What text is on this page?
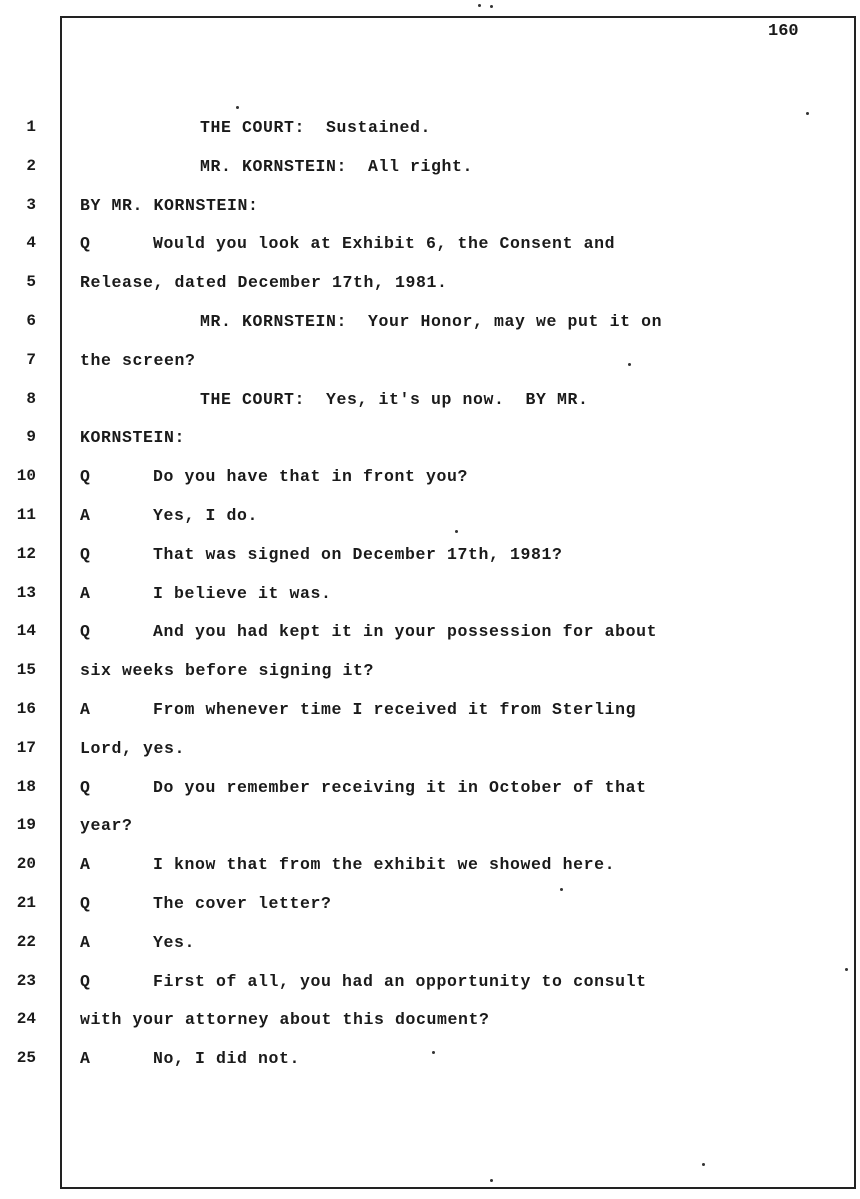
160
1	THE COURT:  Sustained.
2	MR. KORNSTEIN:  All right.
3	BY MR. KORNSTEIN:
4	Q	Would you look at Exhibit 6, the Consent and
5	Release, dated December 17th, 1981.
6	MR. KORNSTEIN:  Your Honor, may we put it on
7	the screen?
8	THE COURT:  Yes, it's up now.  BY MR.
9	KORNSTEIN:
10	Q	Do you have that in front you?
11	A	Yes, I do.
12	Q	That was signed on December 17th, 1981?
13	A	I believe it was.
14	Q	And you had kept it in your possession for about
15	six weeks before signing it?
16	A	From whenever time I received it from Sterling
17	Lord, yes.
18	Q	Do you remember receiving it in October of that
19	year?
20	A	I know that from the exhibit we showed here.
21	Q	The cover letter?
22	A	Yes.
23	Q	First of all, you had an opportunity to consult
24	with your attorney about this document?
25	A	No, I did not.
